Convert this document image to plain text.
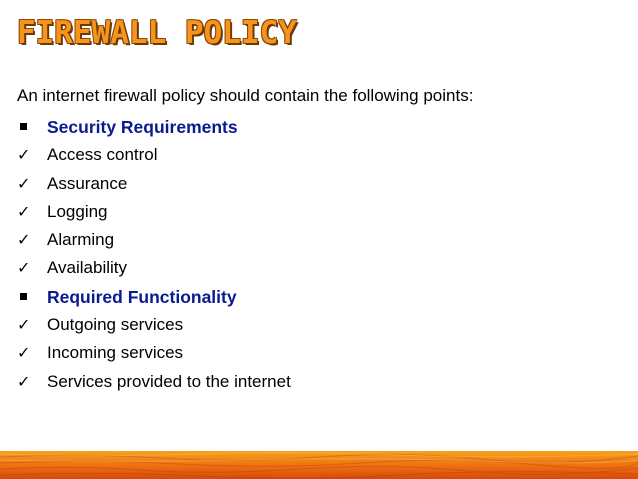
FIREWALL POLICY

An internet firewall policy should contain the following points:

Security Requirements
✓ Access control
✓ Assurance
✓ Logging
✓ Alarming
✓ Availability
Required Functionality
✓ Outgoing services
✓ Incoming services
✓ Services provided to the internet
